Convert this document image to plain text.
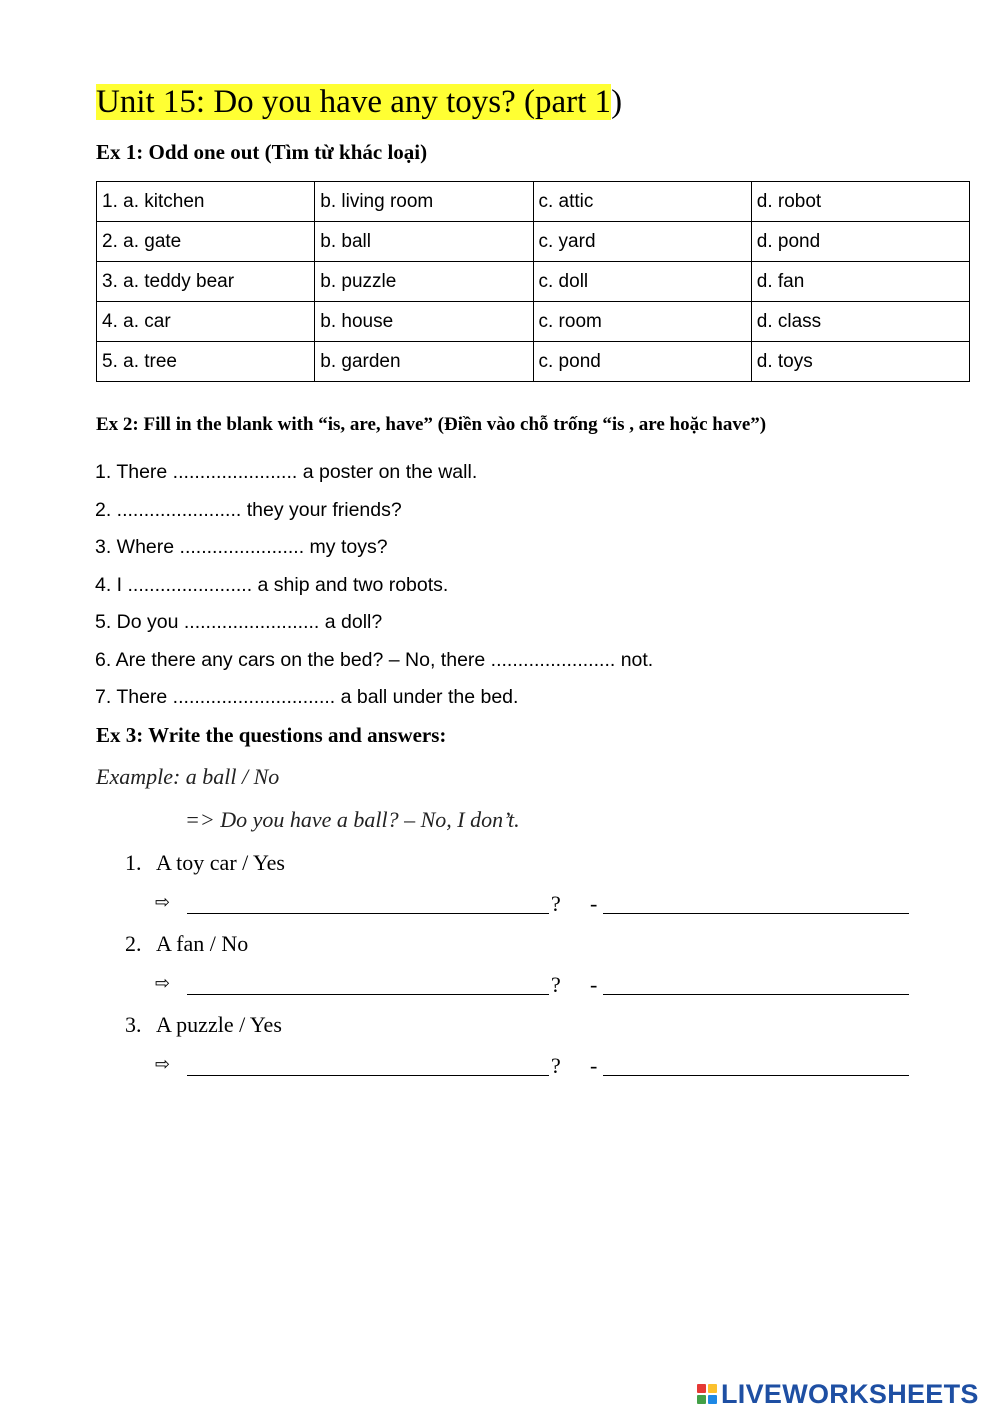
Unit 15: Do you have any toys? (part 1)
Ex 1: Odd one out (Tìm từ khác loại)
1. a. kitchen	b. living room	c. attic	d. robot
2. a. gate	b. ball	c. yard	d. pond
3. a. teddy bear	b. puzzle	c. doll	d. fan
4. a. car	b. house	c. room	d. class
5. a. tree	b. garden	c. pond	d. toys
Ex 2: Fill in the blank with “is, are, have” (Điền vào chỗ trống “is , are hoặc have”)
1. There ....................... a poster on the wall.
2. ....................... they your friends?
3. Where ....................... my toys?
4. I ....................... a ship and two robots.
5. Do you ......................... a doll?
6. Are there any cars on the bed? – No, there ....................... not.
7. There .............................. a ball under the bed.
Ex 3: Write the questions and answers:
Example: a ball / No
=> Do you have a ball? – No, I don’t.
1. A toy car / Yes
⇨	? -
2. A fan / No
⇨	? -
3. A puzzle / Yes
⇨	? -
LIVEWORKSHEETS
